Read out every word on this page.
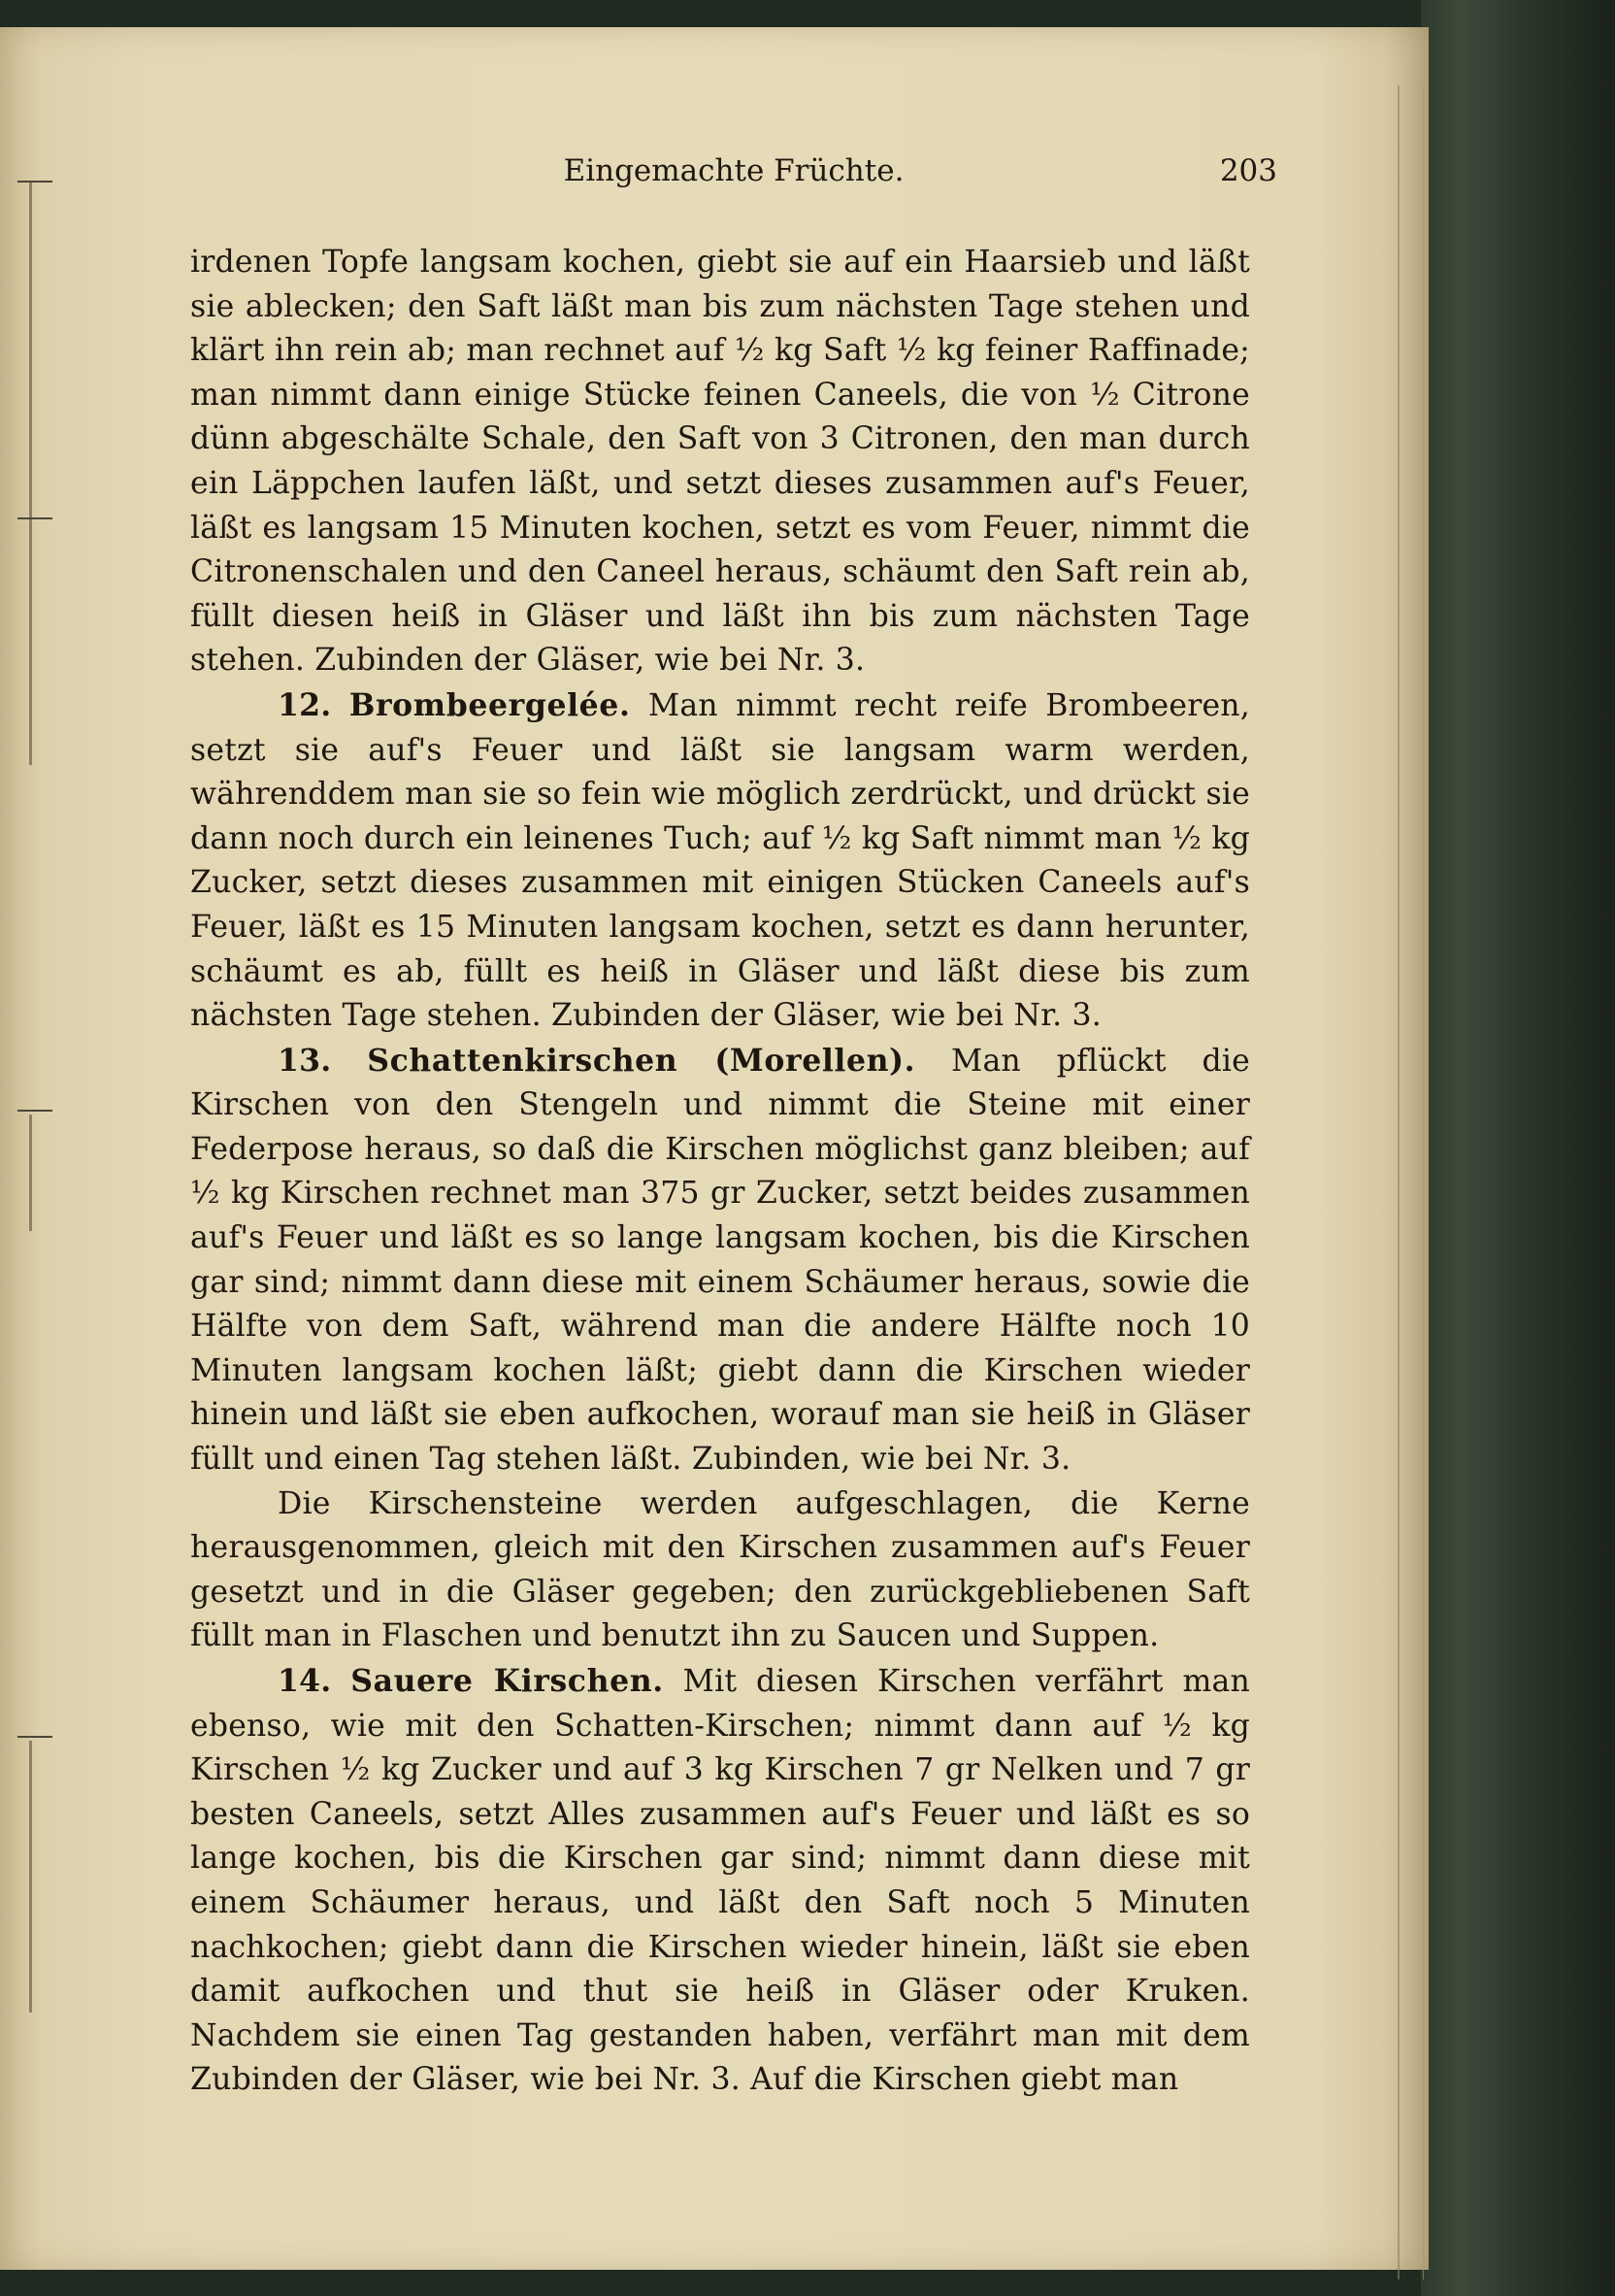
Eingemachte Früchte.	203

irdenen Topfe langsam kochen, giebt sie auf ein Haarsieb und läßt sie ablecken; den Saft läßt man bis zum nächsten Tage stehen und klärt ihn rein ab; man rechnet auf ½ kg Saft ½ kg feiner Raffinade; man nimmt dann einige Stücke feinen Caneels, die von ½ Citrone dünn abgeschälte Schale, den Saft von 3 Citronen, den man durch ein Läppchen laufen läßt, und setzt dieses zusammen auf's Feuer, läßt es langsam 15 Minuten kochen, setzt es vom Feuer, nimmt die Citronenschalen und den Caneel heraus, schäumt den Saft rein ab, füllt diesen heiß in Gläser und läßt ihn bis zum nächsten Tage stehen. Zubinden der Gläser, wie bei Nr. 3.

12. Brombeergelée. Man nimmt recht reife Brombeeren, setzt sie auf's Feuer und läßt sie langsam warm werden, währenddem man sie so fein wie möglich zerdrückt, und drückt sie dann noch durch ein leinenes Tuch; auf ½ kg Saft nimmt man ½ kg Zucker, setzt dieses zusammen mit einigen Stücken Caneels auf's Feuer, läßt es 15 Minuten langsam kochen, setzt es dann herunter, schäumt es ab, füllt es heiß in Gläser und läßt diese bis zum nächsten Tage stehen. Zubinden der Gläser, wie bei Nr. 3.

13. Schattenkirschen (Morellen). Man pflückt die Kirschen von den Stengeln und nimmt die Steine mit einer Federpose heraus, so daß die Kirschen möglichst ganz bleiben; auf ½ kg Kirschen rechnet man 375 gr Zucker, setzt beides zusammen auf's Feuer und läßt es so lange langsam kochen, bis die Kirschen gar sind; nimmt dann diese mit einem Schäumer heraus, sowie die Hälfte von dem Saft, während man die andere Hälfte noch 10 Minuten langsam kochen läßt; giebt dann die Kirschen wieder hinein und läßt sie eben aufkochen, worauf man sie heiß in Gläser füllt und einen Tag stehen läßt. Zubinden, wie bei Nr. 3.

Die Kirschensteine werden aufgeschlagen, die Kerne herausgenommen, gleich mit den Kirschen zusammen auf's Feuer gesetzt und in die Gläser gegeben; den zurückgebliebenen Saft füllt man in Flaschen und benutzt ihn zu Saucen und Suppen.

14. Sauere Kirschen. Mit diesen Kirschen verfährt man ebenso, wie mit den Schatten-Kirschen; nimmt dann auf ½ kg Kirschen ½ kg Zucker und auf 3 kg Kirschen 7 gr Nelken und 7 gr besten Caneels, setzt Alles zusammen auf's Feuer und läßt es so lange kochen, bis die Kirschen gar sind; nimmt dann diese mit einem Schäumer heraus, und läßt den Saft noch 5 Minuten nachkochen; giebt dann die Kirschen wieder hinein, läßt sie eben damit aufkochen und thut sie heiß in Gläser oder Kruken. Nachdem sie einen Tag gestanden haben, verfährt man mit dem Zubinden der Gläser, wie bei Nr. 3. Auf die Kirschen giebt man
